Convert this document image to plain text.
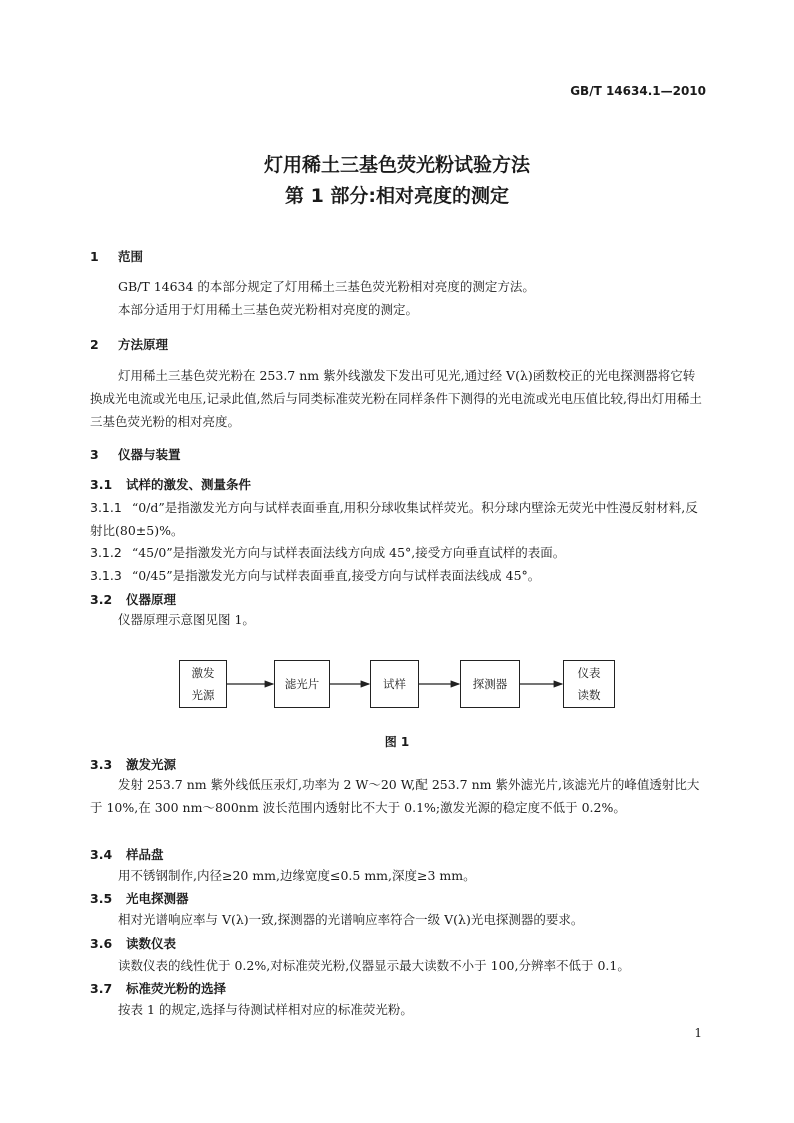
GB/T 14634.1—2010
灯用稀土三基色荧光粉试验方法
第 1 部分:相对亮度的测定
1 范围
GB/T 14634 的本部分规定了灯用稀土三基色荧光粉相对亮度的测定方法。
本部分适用于灯用稀土三基色荧光粉相对亮度的测定。
2 方法原理
灯用稀土三基色荧光粉在 253.7 nm 紫外线激发下发出可见光,通过经 V(λ)函数校正的光电探测器将它转换成光电流或光电压,记录此值,然后与同类标准荧光粉在同样条件下测得的光电流或光电压值比较,得出灯用稀土三基色荧光粉的相对亮度。
3 仪器与装置
3.1 试样的激发、测量条件
3.1.1 “0/d”是指激发光方向与试样表面垂直,用积分球收集试样荧光。积分球内壁涂无荧光中性漫反射材料,反射比(80±5)%。
3.1.2 “45/0”是指激发光方向与试样表面法线方向成 45°,接受方向垂直试样的表面。
3.1.3 “0/45”是指激发光方向与试样表面垂直,接受方向与试样表面法线成 45°。
3.2 仪器原理
仪器原理示意图见图 1。
激发
光源
滤光片	试样	探测器
仪表
读数
图 1
3.3 激发光源
发射 253.7 nm 紫外线低压汞灯,功率为 2 W～20 W,配 253.7 nm 紫外滤光片,该滤光片的峰值透射比大于 10%,在 300 nm～800nm 波长范围内透射比不大于 0.1%;激发光源的稳定度不低于 0.2%。
3.4 样品盘
用不锈钢制作,内径≥20 mm,边缘宽度≤0.5 mm,深度≥3 mm。
3.5 光电探测器
相对光谱响应率与 V(λ)一致,探测器的光谱响应率符合一级 V(λ)光电探测器的要求。
3.6 读数仪表
读数仪表的线性优于 0.2%,对标准荧光粉,仪器显示最大读数不小于 100,分辨率不低于 0.1。
3.7 标准荧光粉的选择
按表 1 的规定,选择与待测试样相对应的标准荧光粉。
1
